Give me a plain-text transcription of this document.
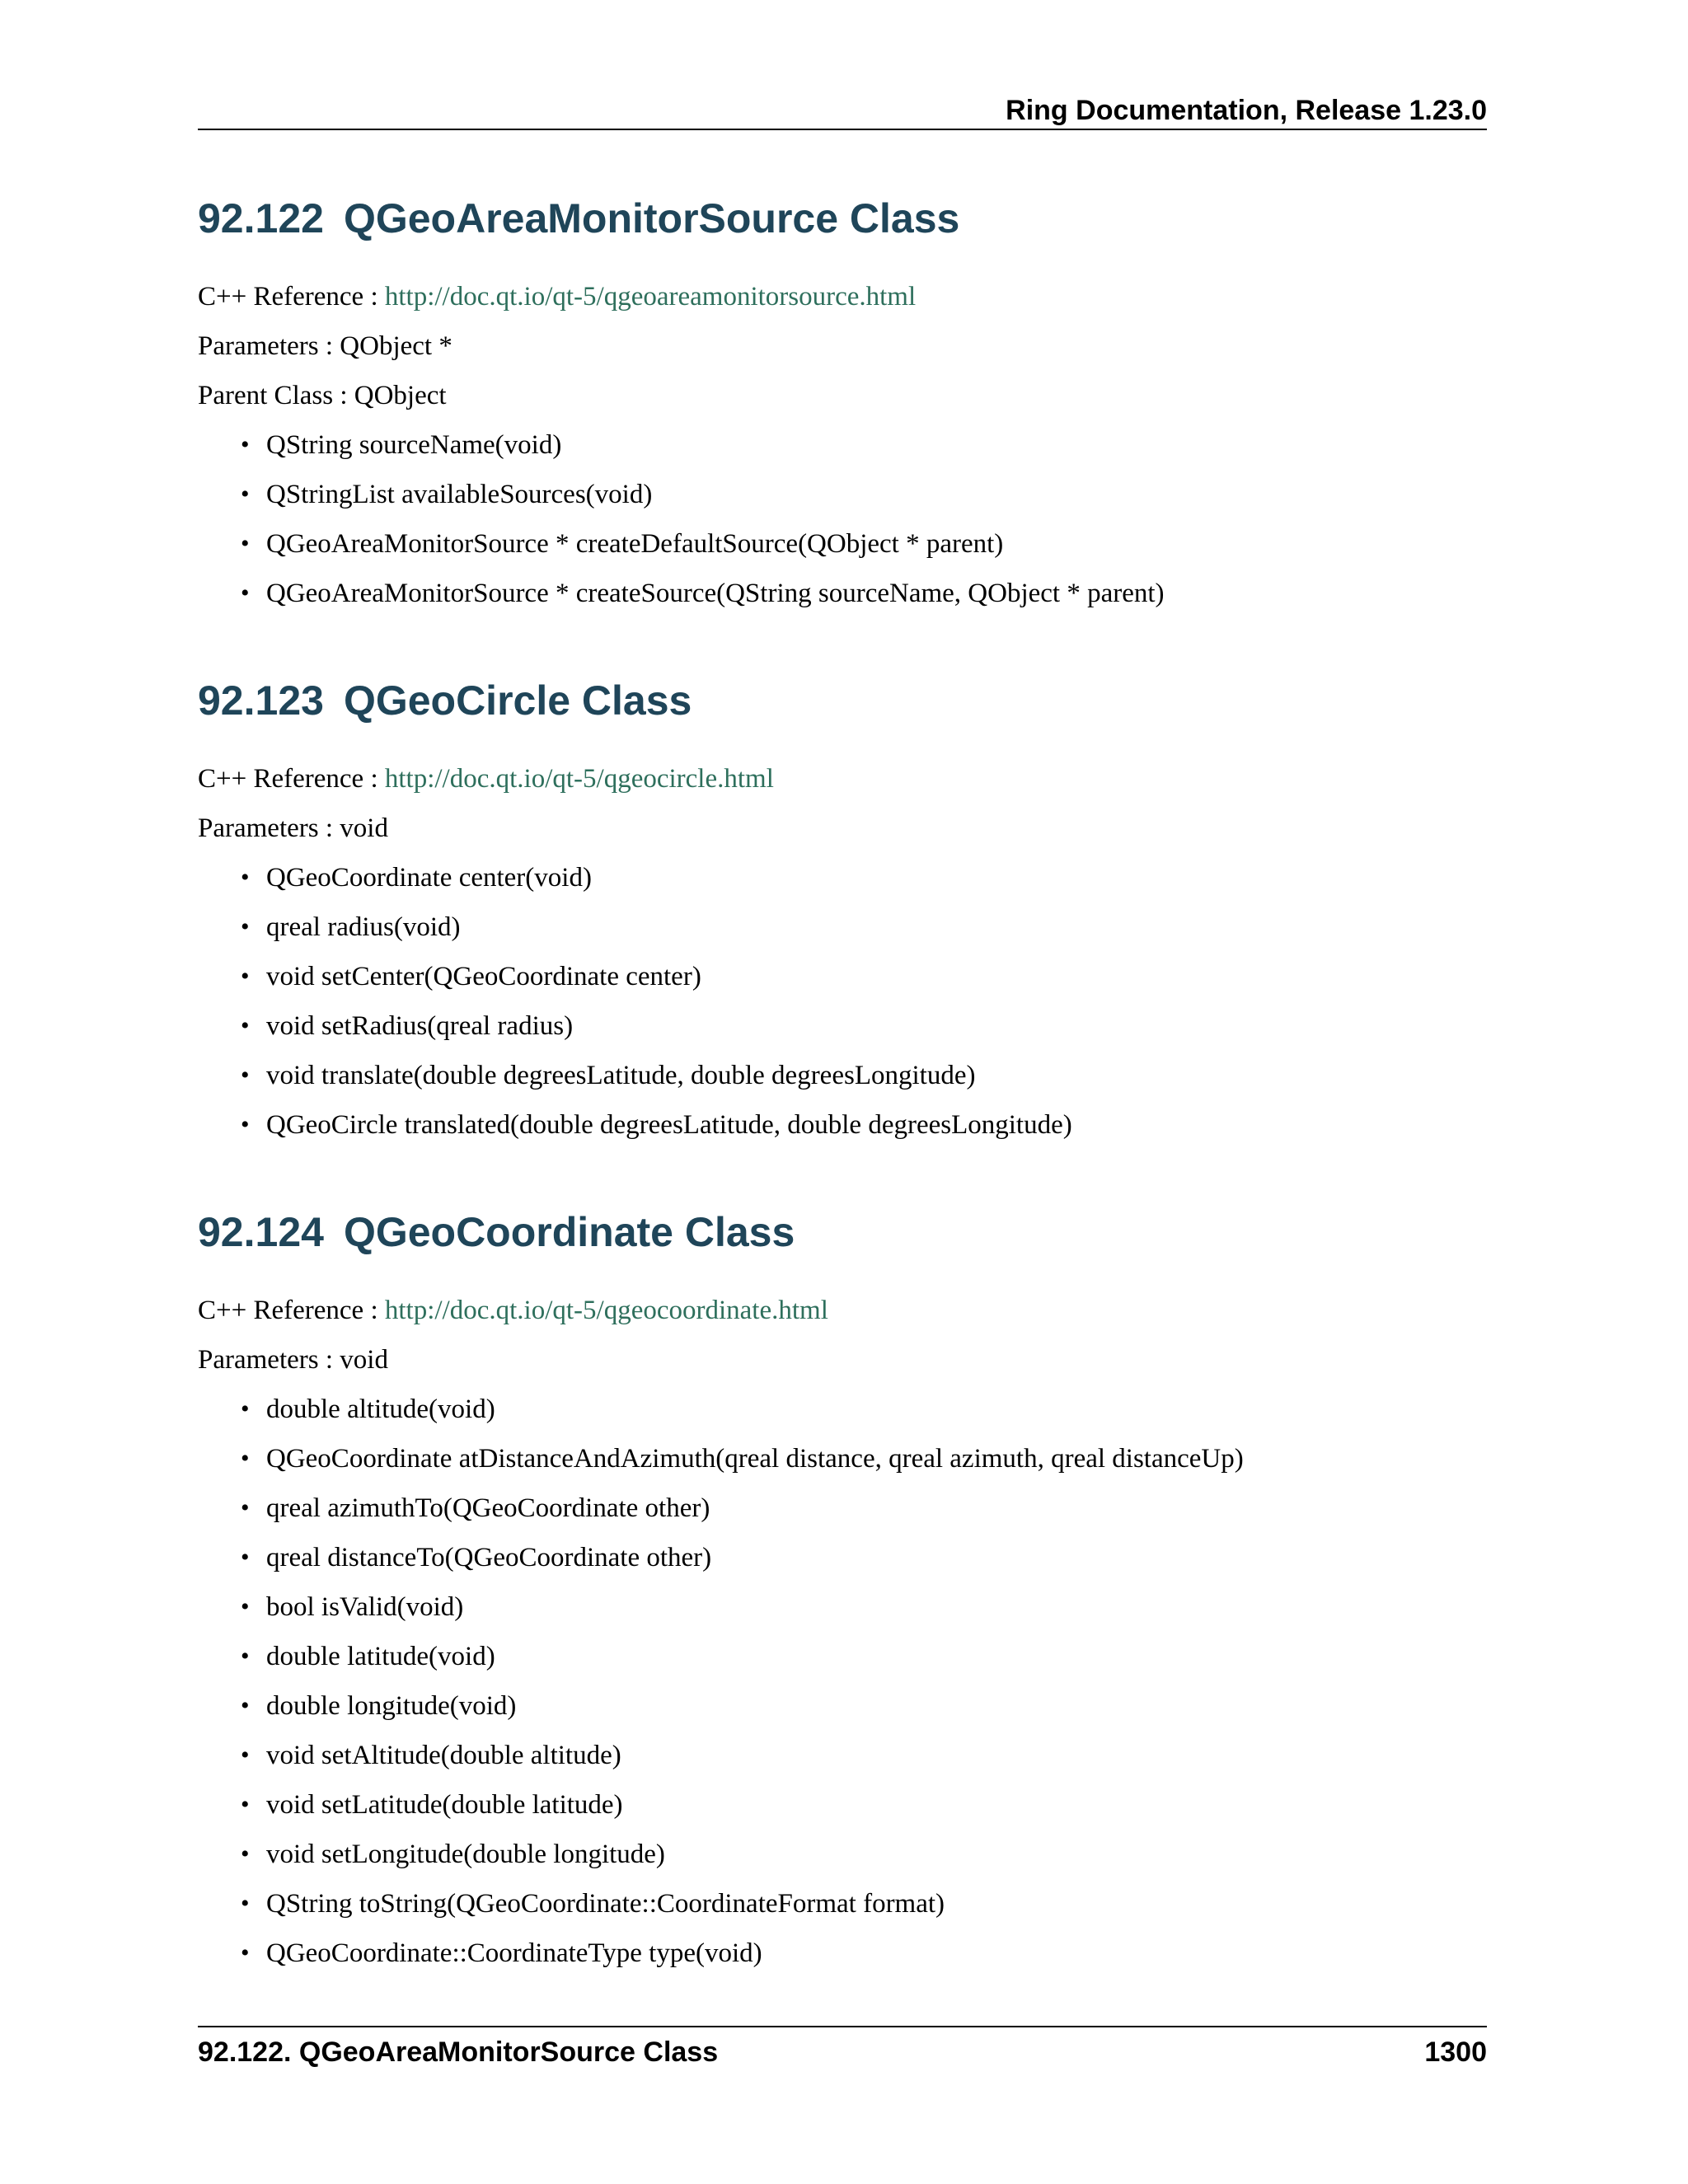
Ring Documentation, Release 1.23.0
92.122 QGeoAreaMonitorSource Class
C++ Reference : http://doc.qt.io/qt-5/qgeoareamonitorsource.html
Parameters : QObject *
Parent Class : QObject
• QString sourceName(void)
• QStringList availableSources(void)
• QGeoAreaMonitorSource * createDefaultSource(QObject * parent)
• QGeoAreaMonitorSource * createSource(QString sourceName, QObject * parent)
92.123 QGeoCircle Class
C++ Reference : http://doc.qt.io/qt-5/qgeocircle.html
Parameters : void
• QGeoCoordinate center(void)
• qreal radius(void)
• void setCenter(QGeoCoordinate center)
• void setRadius(qreal radius)
• void translate(double degreesLatitude, double degreesLongitude)
• QGeoCircle translated(double degreesLatitude, double degreesLongitude)
92.124 QGeoCoordinate Class
C++ Reference : http://doc.qt.io/qt-5/qgeocoordinate.html
Parameters : void
• double altitude(void)
• QGeoCoordinate atDistanceAndAzimuth(qreal distance, qreal azimuth, qreal distanceUp)
• qreal azimuthTo(QGeoCoordinate other)
• qreal distanceTo(QGeoCoordinate other)
• bool isValid(void)
• double latitude(void)
• double longitude(void)
• void setAltitude(double altitude)
• void setLatitude(double latitude)
• void setLongitude(double longitude)
• QString toString(QGeoCoordinate::CoordinateFormat format)
• QGeoCoordinate::CoordinateType type(void)
92.122. QGeoAreaMonitorSource Class	1300
